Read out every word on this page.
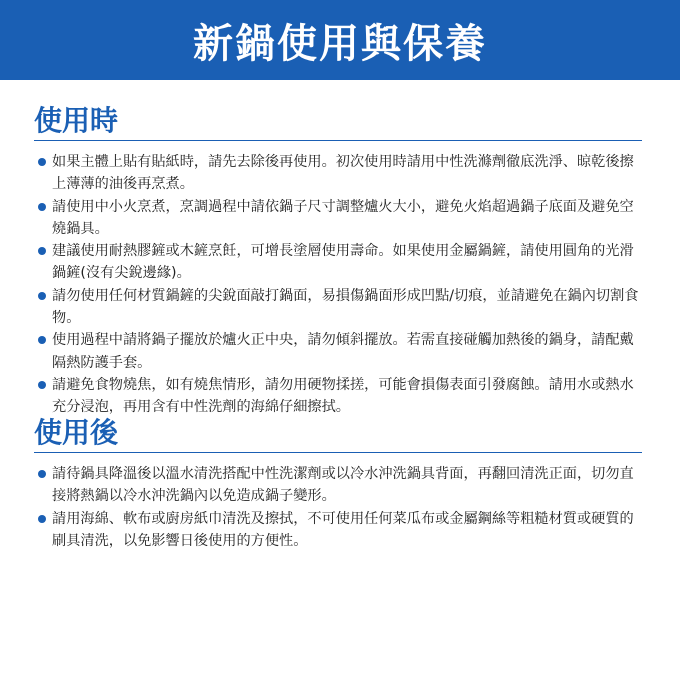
新鍋使用與保養
使用時
如果主體上貼有貼紙時，請先去除後再使用。初次使用時請用中性洗滌劑徹底洗淨、晾乾後擦上薄薄的油後再烹煮。
請使用中小火烹煮，烹調過程中請依鍋子尺寸調整爐火大小，避免火焰超過鍋子底面及避免空燒鍋具。
建議使用耐熱膠鏟或木鏟烹飪，可增長塗層使用壽命。如果使用金屬鍋鏟，請使用圓角的光滑鍋鏟(沒有尖銳邊緣)。
請勿使用任何材質鍋鏟的尖銳面敲打鍋面，易損傷鍋面形成凹點/切痕，並請避免在鍋內切割食物。
使用過程中請將鍋子擺放於爐火正中央，請勿傾斜擺放。若需直接碰觸加熱後的鍋身，請配戴隔熱防護手套。
請避免食物燒焦，如有燒焦情形，請勿用硬物揉搓，可能會損傷表面引發腐蝕。請用水或熱水充分浸泡，再用含有中性洗劑的海綿仔細擦拭。
使用後
請待鍋具降溫後以溫水清洗搭配中性洗潔劑或以冷水沖洗鍋具背面，再翻回清洗正面，切勿直接將熱鍋以冷水沖洗鍋內以免造成鍋子變形。
請用海綿、軟布或廚房紙巾清洗及擦拭，不可使用任何菜瓜布或金屬鋼絲等粗糙材質或硬質的刷具清洗，以免影響日後使用的方便性。
